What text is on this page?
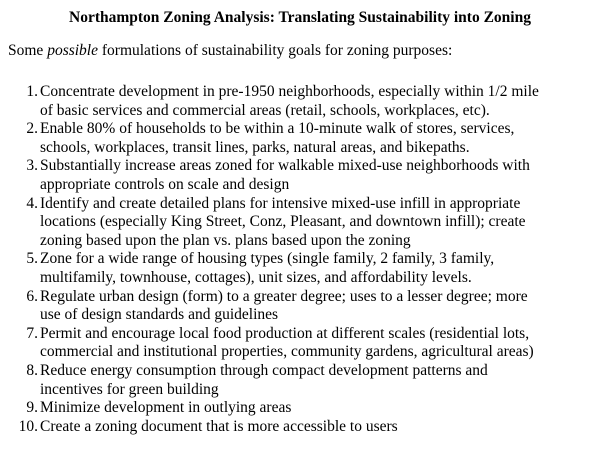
Northampton Zoning Analysis: Translating Sustainability into Zoning
Some possible formulations of sustainability goals for zoning purposes:
1. Concentrate development in pre-1950 neighborhoods, especially within 1/2 mile
of basic services and commercial areas (retail, schools, workplaces, etc).
2. Enable 80% of households to be within a 10-minute walk of stores, services,
schools, workplaces, transit lines, parks, natural areas, and bikepaths.
3. Substantially increase areas zoned for walkable mixed-use neighborhoods with
appropriate controls on scale and design
4. Identify and create detailed plans for intensive mixed-use infill in appropriate
locations (especially King Street, Conz, Pleasant, and downtown infill); create
zoning based upon the plan vs. plans based upon the zoning
5. Zone for a wide range of housing types (single family, 2 family, 3 family,
multifamily, townhouse, cottages), unit sizes, and affordability levels.
6. Regulate urban design (form) to a greater degree; uses to a lesser degree; more
use of design standards and guidelines
7. Permit and encourage local food production at different scales (residential lots,
commercial and institutional properties, community gardens, agricultural areas)
8. Reduce energy consumption through compact development patterns and
incentives for green building
9. Minimize development in outlying areas
10. Create a zoning document that is more accessible to users
